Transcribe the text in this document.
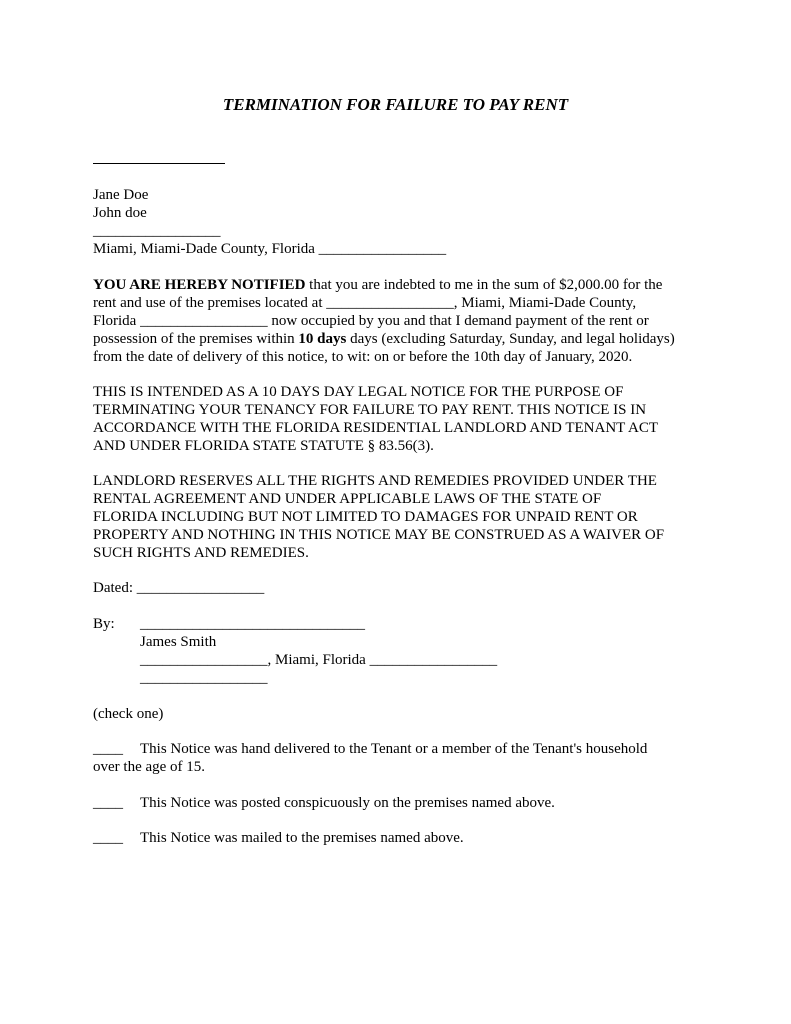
TERMINATION FOR FAILURE TO PAY RENT
Jane Doe
John doe
_________________
Miami, Miami-Dade County, Florida _________________
YOU ARE HEREBY NOTIFIED that you are indebted to me in the sum of $2,000.00 for the
rent and use of the premises located at _________________, Miami, Miami-Dade County,
Florida _________________ now occupied by you and that I demand payment of the rent or
possession of the premises within 10 days days (excluding Saturday, Sunday, and legal holidays)
from the date of delivery of this notice, to wit: on or before the 10th day of January, 2020.
THIS IS INTENDED AS A 10 DAYS DAY LEGAL NOTICE FOR THE PURPOSE OF
TERMINATING YOUR TENANCY FOR FAILURE TO PAY RENT. THIS NOTICE IS IN
ACCORDANCE WITH THE FLORIDA RESIDENTIAL LANDLORD AND TENANT ACT
AND UNDER FLORIDA STATE STATUTE § 83.56(3).
LANDLORD RESERVES ALL THE RIGHTS AND REMEDIES PROVIDED UNDER THE
RENTAL AGREEMENT AND UNDER APPLICABLE LAWS OF THE STATE OF
FLORIDA INCLUDING BUT NOT LIMITED TO DAMAGES FOR UNPAID RENT OR
PROPERTY AND NOTHING IN THIS NOTICE MAY BE CONSTRUED AS A WAIVER OF
SUCH RIGHTS AND REMEDIES.
Dated: _________________
By:	______________________________
James Smith
_________________, Miami, Florida _________________
_________________
(check one)
____	This Notice was hand delivered to the Tenant or a member of the Tenant's household
over the age of 15.
____	This Notice was posted conspicuously on the premises named above.
____	This Notice was mailed to the premises named above.
